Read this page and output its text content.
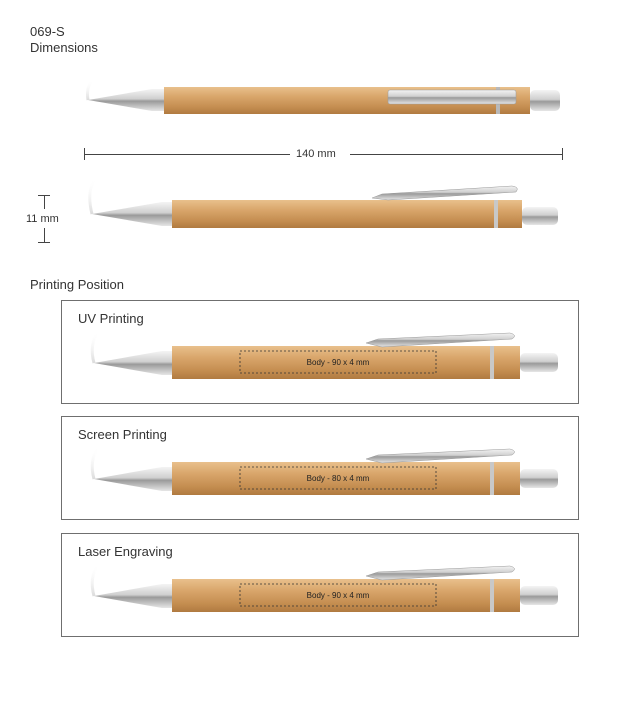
069-S
Dimensions
140 mm
11 mm
Printing Position
UV Printing
Body - 90 x 4 mm
Screen Printing
Body - 80 x 4 mm
Laser Engraving
Body - 90 x 4 mm
